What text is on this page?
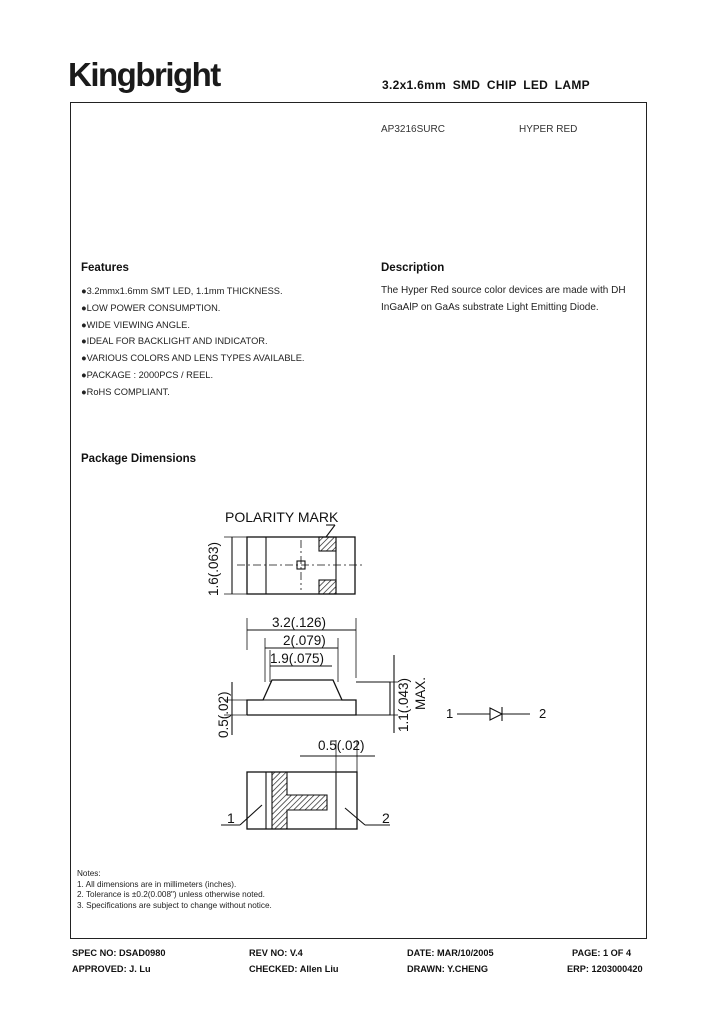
Kingbright	3.2x1.6mm SMD CHIP LED LAMP
AP3216SURC	HYPER RED
Features
●3.2mmx1.6mm SMT LED, 1.1mm THICKNESS.
●LOW POWER CONSUMPTION.
●WIDE VIEWING ANGLE.
●IDEAL FOR BACKLIGHT AND INDICATOR.
●VARIOUS COLORS AND LENS TYPES AVAILABLE.
●PACKAGE : 2000PCS / REEL.
●RoHS COMPLIANT.
Description
The Hyper Red source color devices are made with DH InGaAlP on GaAs substrate Light Emitting Diode.
Package Dimensions
POLARITY MARK
1.6(.063)
3.2(.126)
2(.079)
1.9(.075)
0.5(.02)	1.1(.043) MAX.
0.5(.02)
1	2
1	2
Notes:
1. All dimensions are in millimeters (inches).
2. Tolerance is ±0.2(0.008") unless otherwise noted.
3. Specifications are subject to change without notice.
SPEC NO: DSAD0980	REV NO: V.4	DATE: MAR/10/2005	PAGE: 1 OF 4
APPROVED: J. Lu	CHECKED: Allen Liu	DRAWN: Y.CHENG	ERP: 1203000420
